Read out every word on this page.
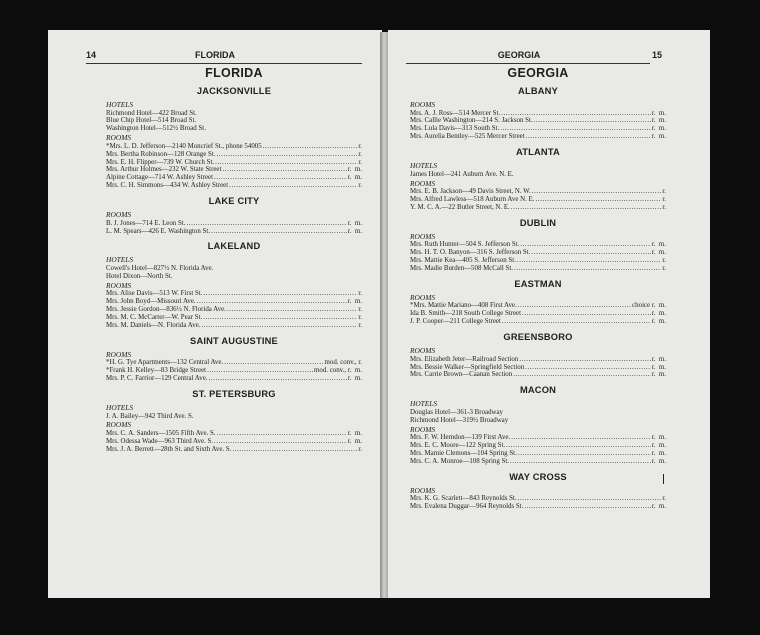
14	FLORIDA
FLORIDA
JACKSONVILLE
HOTELS
Richmond Hotel—422 Broad St.
Blue Chip Hotel—514 Broad St.
Washington Hotel—512½ Broad St.
ROOMS
*Mrs. L. D. Jefferson—2140 Moncrief St., phone 54005 .....	r.
Mrs. Bertha Robinson—128 Orange St. .....	r.
Mrs. E. H. Flipper—739 W. Church St. .....	r.
Mrs. Arthur Holmes—232 W. State Street .....	r.  m.
Alpine Cottage—714 W. Ashley Street .....	r.  m.
Mrs. C. H. Simmons—434 W. Ashley Street .....	r.
LAKE CITY
ROOMS
B. J. Jones—714 E. Leon St. .....	r.  m.
L. M. Spears—426 E. Washington St. .....	r.  m.
LAKELAND
HOTELS
Cowell's Hotel—827½ N. Florida Ave.
Hotel Dixon—North St.
ROOMS
Mrs. Alise Davis—513 W. First St. .....	r.
Mrs. John Boyd—Missouri Ave. .....	r.  m.
Mrs. Jessie Gordon—836½ N. Florida Ave. .....	r.
Mrs. M. C. McCarter—W. Pear St. .....	r.
Mrs. M. Daniels—N. Florida Ave. .....	r.
SAINT AUGUSTINE
ROOMS
*H. G. Tye Apartments—132 Central Ave. .....	mod. conv., r.
*Frank H. Kelley—83 Bridge Street .....	mod. conv., r.  m.
Mrs. P. C. Farrior—129 Central Ave. .....	r.  m.
ST. PETERSBURG
HOTELS
J. A. Bailey—942 Third Ave. S.
ROOMS
Mrs. C. A. Sanders—1505 Fifth Ave. S. .....	r.  m.
Mrs. Odessa Wade—963 Third Ave. S. .....	r.  m.
Mrs. J. A. Berrett—28th St. and Sixth Ave. S. .....	r.
GEORGIA	15
GEORGIA
ALBANY
ROOMS
Mrs. A. J. Ross—514 Mercer St. .....	r.  m.
Mrs. Callie Washington—214 S. Jackson St. .....	r.  m.
Mrs. Lula Davis—313 South St. .....	r.  m.
Mrs. Aurelia Bentley—525 Mercer Street .....	r.  m.
ATLANTA
HOTELS
James Hotel—241 Auburn Ave. N. E.
ROOMS
Mrs. E. B. Jackson—49 Davis Street, N. W. .....	r.
Mrs. Alfred Lawless—518 Auburn Ave N. E. .....	r.
Y. M. C. A.—22 Butler Street, N. E. .....	r.
DUBLIN
ROOMS
Mrs. Ruth Hunter—504 S. Jefferson St. .....	r.  m.
Mrs. H. T. O. Banyon—316 S. Jefferson St. .....	r.  m.
Mrs. Mattie Kea—405 S. Jefferson St. .....	r.
Mrs. Madie Burden—508 McCall St. .....	r.
EASTMAN
ROOMS
*Mrs. Mattie Mariano—408 First Ave. .....	choice r.  m.
Ida B. Smith—218 South College Street .....	r.  m.
J. P. Cooper—211 College Street .....	r.  m.
GREENSBORO
ROOMS
Mrs. Elizabeth Jeter—Railroad Section .....	r.  m.
Mrs. Bessie Walker—Springfield Section .....	r.  m.
Mrs. Carrie Brown—Caanan Section .....	r.  m.
MACON
HOTELS
Douglas Hotel—361-3 Broadway
Richmond Hotel—319½ Broadway
ROOMS
Mrs. F. W. Herndon—139 First Ave. .....	r.  m.
Mrs. E. C. Moore—122 Spring St. .....	r.  m.
Mrs. Mamie Clemons—104 Spring St. .....	r.  m.
Mrs. C. A. Monroe—108 Spring St. .....	r.  m.
WAY CROSS
ROOMS
Mrs. K. G. Scarlett—843 Reynolds St. .....	r.
Mrs. Evalena Duggar—964 Reynolds St. .....	r.  m.
